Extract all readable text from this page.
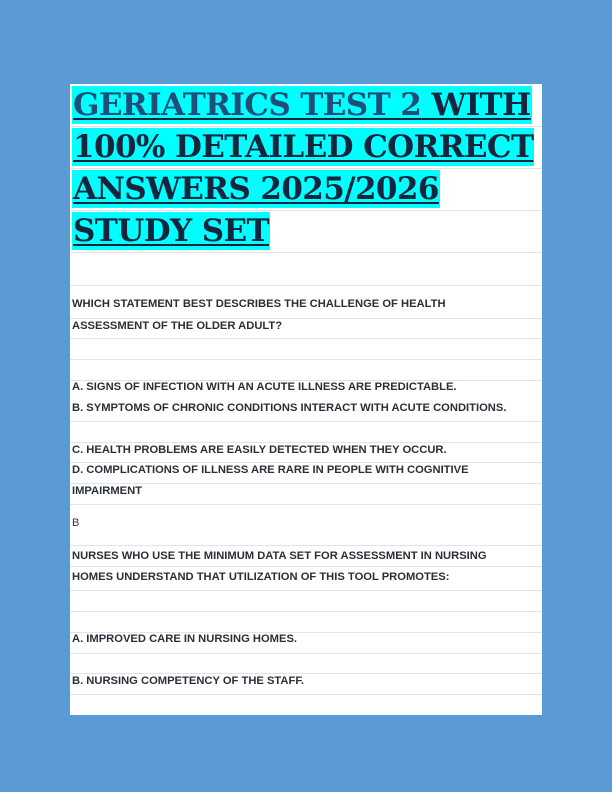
GERIATRICS TEST 2 WITH
100% DETAILED CORRECT
ANSWERS 2025/2026
STUDY SET
WHICH STATEMENT BEST DESCRIBES THE CHALLENGE OF HEALTH
ASSESSMENT OF THE OLDER ADULT?
A. SIGNS OF INFECTION WITH AN ACUTE ILLNESS ARE PREDICTABLE.
B. SYMPTOMS OF CHRONIC CONDITIONS INTERACT WITH ACUTE CONDITIONS.
C. HEALTH PROBLEMS ARE EASILY DETECTED WHEN THEY OCCUR.
D. COMPLICATIONS OF ILLNESS ARE RARE IN PEOPLE WITH COGNITIVE
IMPAIRMENT
B
NURSES WHO USE THE MINIMUM DATA SET FOR ASSESSMENT IN NURSING
HOMES UNDERSTAND THAT UTILIZATION OF THIS TOOL PROMOTES:
A. IMPROVED CARE IN NURSING HOMES.
B. NURSING COMPETENCY OF THE STAFF.
